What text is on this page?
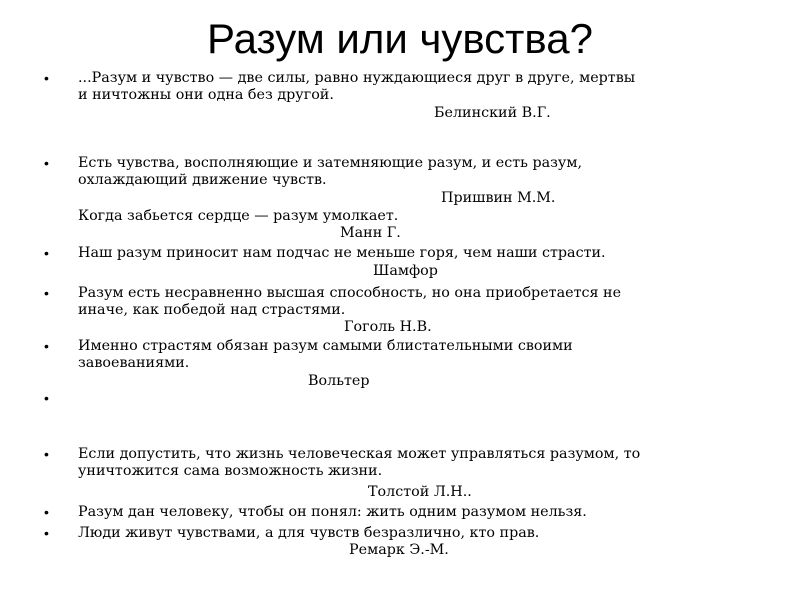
Разум или чувства?
•
•
•
•
•
•
•
•
•
...Разум и чувство — две силы, равно нуждающиеся друг в друге, мертвы
и ничтожны они одна без другой.
Белинский В.Г.
Есть чувства, восполняющие и затемняющие разум, и есть разум,
охлаждающий движение чувств.
Пришвин М.М.
Когда забьется сердце — разум умолкает.
Манн Г.
Наш разум приносит нам подчас не меньше горя, чем наши страсти.
Шамфор
Разум есть несравненно высшая способность, но она приобретается не
иначе, как победой над страстями.
Гоголь Н.В.
Именно страстям обязан разум самыми блистательными своими
завоеваниями.
Вольтер
Если допустить, что жизнь человеческая может управляться разумом, то
уничтожится сама возможность жизни.
Толстой Л.Н..
Разум дан человеку, чтобы он понял: жить одним разумом нельзя.
Люди живут чувствами, а для чувств безразлично, кто прав.
Ремарк Э.-М.
